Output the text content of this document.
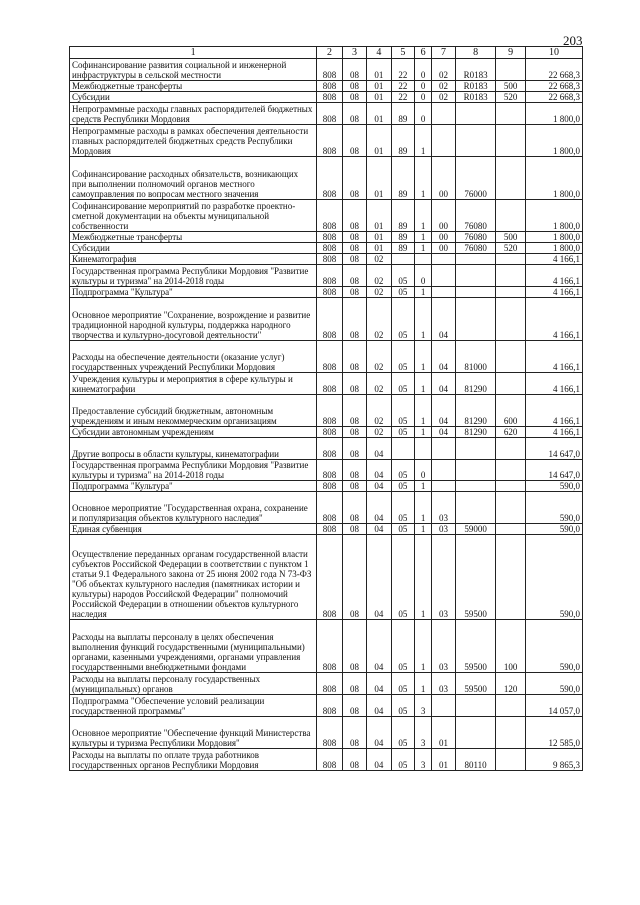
203
1	2	3	4	5	6	7	8	9	10
Софинансирование развития социальной и инженерной инфраструктуры в сельской местности	808	08	01	22	0	02	R0183		22 668,3
Межбюджетные трансферты	808	08	01	22	0	02	R0183	500	22 668,3
Субсидии	808	08	01	22	0	02	R0183	520	22 668,3
Непрограммные расходы главных распорядителей бюджетных средств Республики Мордовия	808	08	01	89	0				1 800,0
Непрограммные расходы в рамках обеспечения деятельности главных распорядителей бюджетных средств Республики Мордовия	808	08	01	89	1				1 800,0
Софинансирование расходных обязательств, возникающих при выполнении полномочий органов местного самоуправления по вопросам местного значения	808	08	01	89	1	00	76000		1 800,0
Софинансирование мероприятий по разработке проектно-сметной документации на объекты муниципальной собственности	808	08	01	89	1	00	76080		1 800,0
Межбюджетные трансферты	808	08	01	89	1	00	76080	500	1 800,0
Субсидии	808	08	01	89	1	00	76080	520	1 800,0
Кинематография	808	08	02						4 166,1
Государственная программа Республики Мордовия "Развитие культуры и туризма" на 2014-2018 годы	808	08	02	05	0				4 166,1
Подпрограмма "Культура"	808	08	02	05	1				4 166,1
Основное мероприятие "Сохранение, возрождение и развитие традиционной народной культуры, поддержка народного творчества и культурно-досуговой деятельности"	808	08	02	05	1	04			4 166,1
Расходы на обеспечение деятельности (оказание услуг) государственных учреждений Республики Мордовия	808	08	02	05	1	04	81000		4 166,1
Учреждения культуры и мероприятия в сфере культуры и кинематографии	808	08	02	05	1	04	81290		4 166,1
Предоставление субсидий бюджетным, автономным учреждениям и иным некоммерческим организациям	808	08	02	05	1	04	81290	600	4 166,1
Субсидии автономным учреждениям	808	08	02	05	1	04	81290	620	4 166,1
Другие вопросы в области культуры, кинематографии	808	08	04						14 647,0
Государственная программа Республики Мордовия "Развитие культуры и туризма" на 2014-2018 годы	808	08	04	05	0				14 647,0
Подпрограмма "Культура"	808	08	04	05	1				590,0
Основное мероприятие "Государственная охрана, сохранение и популяризация объектов культурного наследия"	808	08	04	05	1	03			590,0
Единая субвенция	808	08	04	05	1	03	59000		590,0
Осуществление переданных органам государственной власти субъектов Российской Федерации в соответствии с пунктом 1 статьи 9.1 Федерального закона от 25 июня 2002 года N 73-ФЗ "Об объектах культурного наследия (памятниках истории и культуры) народов Российской Федерации" полномочий Российской Федерации в отношении объектов культурного наследия	808	08	04	05	1	03	59500		590,0
Расходы на выплаты персоналу в целях обеспечения выполнения функций государственными (муниципальными) органами, казенными учреждениями, органами управления государственными внебюджетными фондами	808	08	04	05	1	03	59500	100	590,0
Расходы на выплаты персоналу государственных (муниципальных) органов	808	08	04	05	1	03	59500	120	590,0
Подпрограмма "Обеспечение условий реализации государственной программы"	808	08	04	05	3				14 057,0
Основное мероприятие "Обеспечение функций Министерства культуры и туризма Республики Мордовия"	808	08	04	05	3	01			12 585,0
Расходы на выплаты по оплате труда работников государственных органов Республики Мордовия	808	08	04	05	3	01	80110		9 865,3
